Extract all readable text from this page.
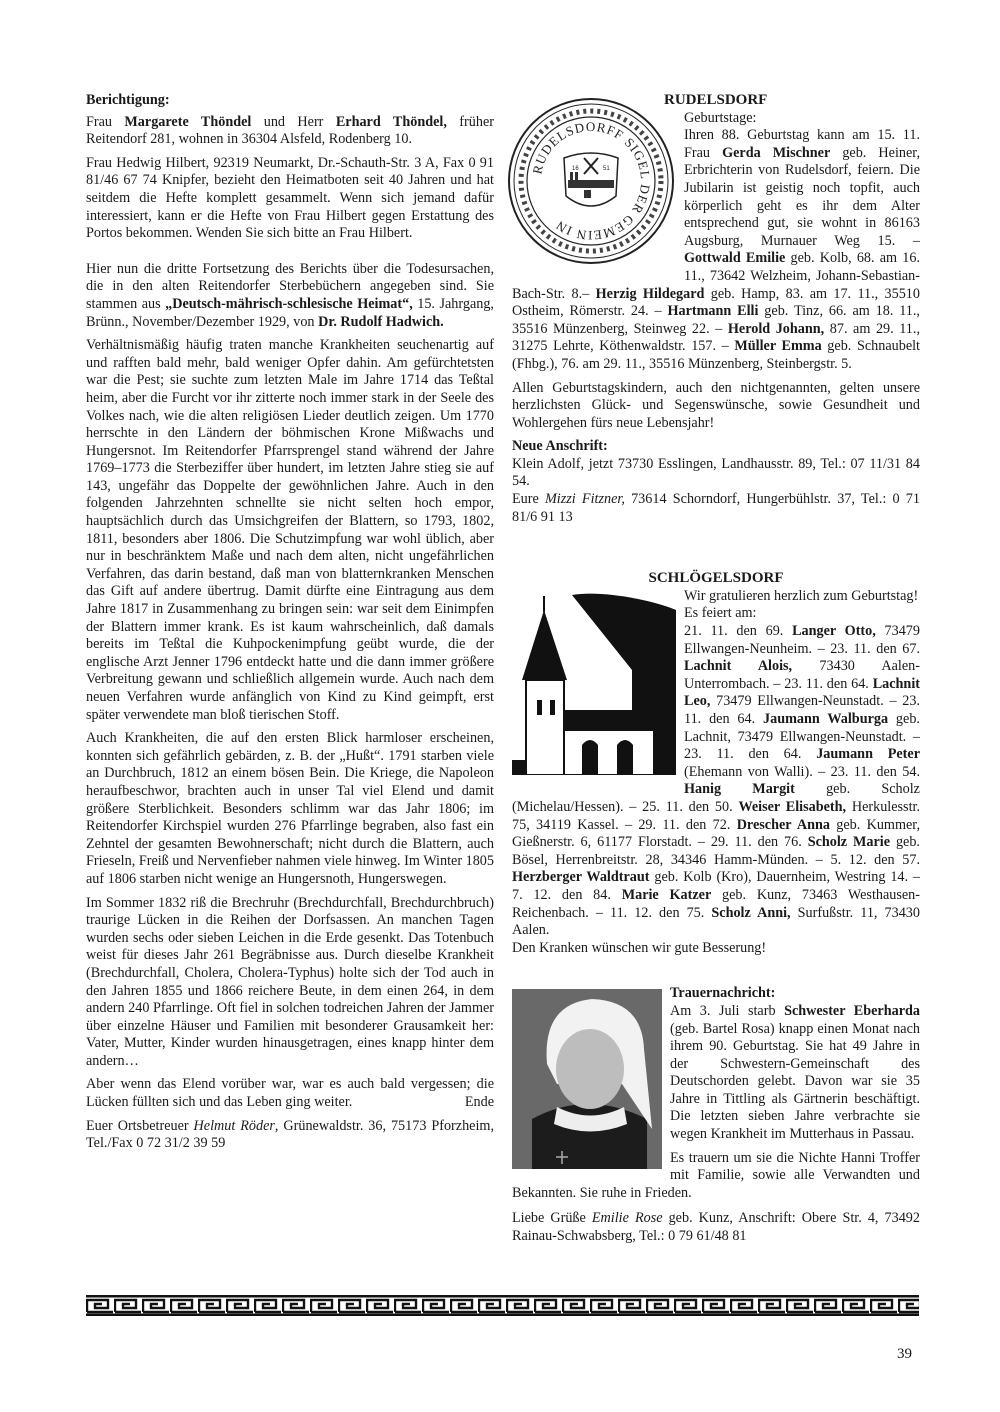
Berichtigung:

Frau Margarete Thöndel und Herr Erhard Thöndel, früher Reitendorf 281, wohnen in 36304 Alsfeld, Rodenberg 10.

Frau Hedwig Hilbert, 92319 Neumarkt, Dr.-Schauth-Str. 3 A, Fax 0 91 81/46 67 74 Knipfer, bezieht den Heimatboten seit 40 Jahren und hat seitdem die Hefte komplett gesammelt. Wenn sich jemand dafür interessiert, kann er die Hefte von Frau Hilbert gegen Erstattung des Portos bekommen. Wenden Sie sich bitte an Frau Hilbert.

Hier nun die dritte Fortsetzung des Berichts über die Todesursachen, die in den alten Reitendorfer Sterbebüchern angegeben sind. Sie stammen aus „Deutsch-mährisch-schlesische Heimat“, 15. Jahrgang, Brünn., November/Dezember 1929, von Dr. Rudolf Hadwich.

Verhältnismäßig häufig traten manche Krankheiten seuchenartig auf und rafften bald mehr, bald weniger Opfer dahin. Am gefürchtetsten war die Pest; sie suchte zum letzten Male im Jahre 1714 das Teßtal heim, aber die Furcht vor ihr zitterte noch immer stark in der Seele des Volkes nach, wie die alten religiösen Lieder deutlich zeigen. Um 1770 herrschte in den Ländern der böhmischen Krone Mißwachs und Hungersnot. Im Reitendorfer Pfarrsprengel stand während der Jahre 1769–1773 die Sterbeziffer über hundert, im letzten Jahre stieg sie auf 143, ungefähr das Doppelte der gewöhnlichen Jahre. Auch in den folgenden Jahrzehnten schnellte sie nicht selten hoch empor, hauptsächlich durch das Umsichgreifen der Blattern, so 1793, 1802, 1811, besonders aber 1806. Die Schutzimpfung war wohl üblich, aber nur in beschränktem Maße und nach dem alten, nicht ungefährlichen Verfahren, das darin bestand, daß man von blatternkranken Menschen das Gift auf andere übertrug. Damit dürfte eine Eintragung aus dem Jahre 1817 in Zusammenhang zu bringen sein: war seit dem Einimpfen der Blattern immer krank. Es ist kaum wahrscheinlich, daß damals bereits im Teßtal die Kuhpockenimpfung geübt wurde, die der englische Arzt Jenner 1796 entdeckt hatte und die dann immer größere Verbreitung gewann und schließlich allgemein wurde. Auch nach dem neuen Verfahren wurde anfänglich von Kind zu Kind geimpft, erst später verwendete man bloß tierischen Stoff.

Auch Krankheiten, die auf den ersten Blick harmloser erscheinen, konnten sich gefährlich gebärden, z. B. der „Hußt“. 1791 starben viele an Durchbruch, 1812 an einem bösen Bein. Die Kriege, die Napoleon heraufbeschwor, brachten auch in unser Tal viel Elend und damit größere Sterblichkeit. Besonders schlimm war das Jahr 1806; im Reitendorfer Kirchspiel wurden 276 Pfarrlinge begraben, also fast ein Zehntel der gesamten Bewohnerschaft; nicht durch die Blattern, auch Frieseln, Freiß und Nervenfieber nahmen viele hinweg. Im Winter 1805 auf 1806 starben nicht wenige an Hungersnoth, Hungerswegen.

Im Sommer 1832 riß die Brechruhr (Brechdurchfall, Brechdurchbruch) traurige Lücken in die Reihen der Dorfsassen. An manchen Tagen wurden sechs oder sieben Leichen in die Erde gesenkt. Das Totenbuch weist für dieses Jahr 261 Begräbnisse aus. Durch dieselbe Krankheit (Brechdurchfall, Cholera, Cholera-Typhus) holte sich der Tod auch in den Jahren 1855 und 1866 reichere Beute, in dem einen 264, in dem andern 240 Pfarrlinge. Oft fiel in solchen todreichen Jahren der Jammer über einzelne Häuser und Familien mit besonderer Grausamkeit her: Vater, Mutter, Kinder wurden hinausgetragen, eines knapp hinter dem andern…

Aber wenn das Elend vorüber war, war es auch bald vergessen; die Lücken füllten sich und das Leben ging weiter.	Ende

Euer Ortsbetreuer Helmut Röder, Grünewaldstr. 36, 75173 Pforzheim, Tel./Fax 0 72 31/2 39 59

RUDELSDORF

RUDELSDORFF SIGEL DER GEMEIN IN
16	51

Geburtstage:

Ihren 88. Geburtstag kann am 15. 11. Frau Gerda Mischner geb. Heiner, Erbrichterin von Rudelsdorf, feiern. Die Jubilarin ist geistig noch topfit, auch körperlich geht es ihr dem Alter entsprechend gut, sie wohnt in 86163 Augsburg, Murnauer Weg 15. – Gottwald Emilie geb. Kolb, 68. am 16. 11., 73642 Welzheim, Johann-Sebastian-Bach-Str. 8.– Herzig Hildegard geb. Hamp, 83. am 17. 11., 35510 Ostheim, Römerstr. 24. – Hartmann Elli geb. Tinz, 66. am 18. 11., 35516 Münzenberg, Steinweg 22. – Herold Johann, 87. am 29. 11., 31275 Lehrte, Köthenwaldstr. 157. – Müller Emma geb. Schnaubelt (Fhbg.), 76. am 29. 11., 35516 Münzenberg, Steinbergstr. 5.

Allen Geburtstagskindern, auch den nichtgenannten, gelten unsere herzlichsten Glück- und Segenswünsche, sowie Gesundheit und Wohlergehen fürs neue Lebensjahr!

Neue Anschrift:

Klein Adolf, jetzt 73730 Esslingen, Landhausstr. 89, Tel.: 07 11/31 84 54.

Eure Mizzi Fitzner, 73614 Schorndorf, Hungerbühlstr. 37, Tel.: 0 71 81/6 91 13

SCHLÖGELSDORF

Wir gratulieren herzlich zum Geburtstag!

Es feiert am:

21. 11. den 69. Langer Otto, 73479 Ellwangen-Neunheim. – 23. 11. den 67. Lachnit Alois, 73430 Aalen-Unterrombach. – 23. 11. den 64. Lachnit Leo, 73479 Ellwangen-Neunstadt. – 23. 11. den 64. Jaumann Walburga geb. Lachnit, 73479 Ellwangen-Neunstadt. – 23. 11. den 64. Jaumann Peter (Ehemann von Walli). – 23. 11. den 54. Hanig Margit geb. Scholz (Michelau/Hessen). – 25. 11. den 50. Weiser Elisabeth, Herkulesstr. 75, 34119 Kassel. – 29. 11. den 72. Drescher Anna geb. Kummer, Gießnerstr. 6, 61177 Florstadt. – 29. 11. den 76. Scholz Marie geb. Bösel, Herrenbreitstr. 28, 34346 Hamm-Münden. – 5. 12. den 57. Herzberger Waldtraut geb. Kolb (Kro), Dauernheim, Westring 14. – 7. 12. den 84. Marie Katzer geb. Kunz, 73463 Westhausen-Reichenbach. – 11. 12. den 75. Scholz Anni, Surfußstr. 11, 73430 Aalen.

Den Kranken wünschen wir gute Besserung!

Trauernachricht:

Am 3. Juli starb Schwester Eberharda (geb. Bartel Rosa) knapp einen Monat nach ihrem 90. Geburtstag. Sie hat 49 Jahre in der Schwestern-Gemeinschaft des Deutschorden gelebt. Davon war sie 35 Jahre in Tittling als Gärtnerin beschäftigt. Die letzten sieben Jahre verbrachte sie wegen Krankheit im Mutterhaus in Passau.

Es trauern um sie die Nichte Hanni Troffer mit Familie, sowie alle Verwandten und Bekannten. Sie ruhe in Frieden.

Liebe Grüße Emilie Rose geb. Kunz, Anschrift: Obere Str. 4, 73492 Rainau-Schwabsberg, Tel.: 0 79 61/48 81

39
